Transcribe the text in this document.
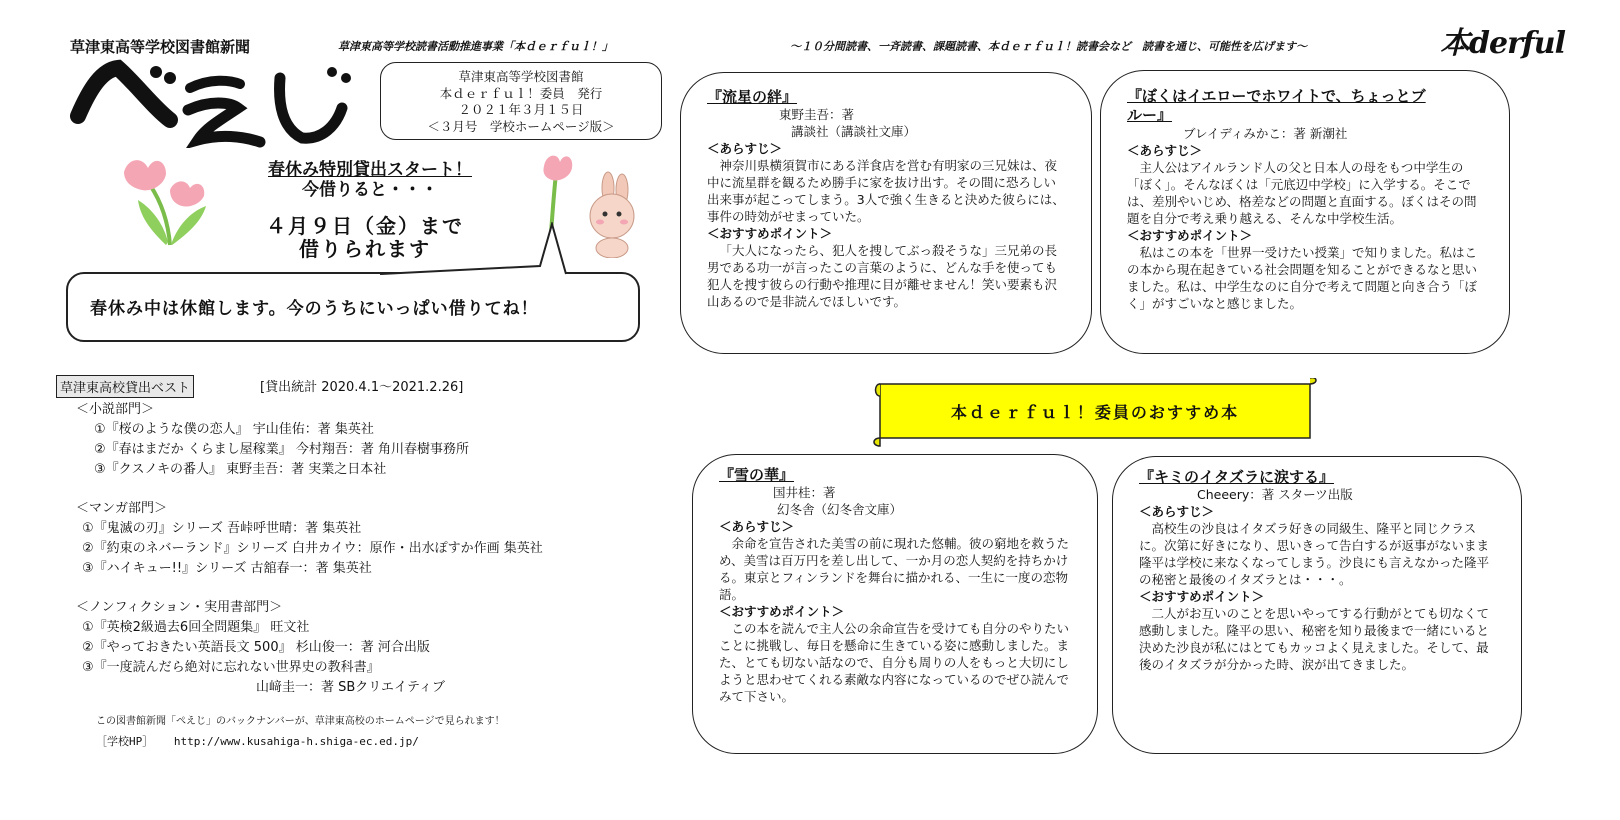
草津東高等学校図書館新聞	草津東高等学校読書活動推進事業「本ｄｅｒｆｕｌ！」	～１０分間読書、一斉読書、課題読書、本ｄｅｒｆｕｌ！読書会など　読書を通じ、可能性を広げます～	本derful
草津東高等学校図書館
本ｄｅｒｆｕｌ！委員　発行
２０２１年３月１５日
＜３月号　学校ホームページ版＞
春休み特別貸出スタート！
今借りると・・・
４月９日（金）まで
借りられます
春休み中は休館します。今のうちにいっぱい借りてね！
草津東高校貸出ベスト	[貸出統計 2020.4.1～2021.2.26]
＜小説部門＞
①『桜のような僕の恋人』 宇山佳佑：著 集英社
②『春はまだか くらまし屋稼業』 今村翔吾：著 角川春樹事務所
③『クスノキの番人』 東野圭吾：著 実業之日本社
＜マンガ部門＞
①『鬼滅の刃』シリーズ 吾峠呼世晴：著 集英社
②『約束のネバーランド』シリーズ 白井カイウ：原作・出水ぽすか作画 集英社
③『ハイキュー!!』シリーズ 古舘春一：著 集英社
＜ノンフィクション・実用書部門＞
①『英検2級過去6回全問題集』 旺文社
②『やっておきたい英語長文 500』 杉山俊一：著 河合出版
③『一度読んだら絶対に忘れない世界史の教科書』
山﨑圭一：著 SBクリエイティブ
この図書館新聞「ぺえじ」のバックナンバーが、草津東高校のホームページで見られます！
［学校HP］ http://www.kusahiga-h.shiga-ec.ed.jp/
『流星の絆』
東野圭吾：著
講談社（講談社文庫）
＜あらすじ＞

神奈川県横須賀市にある洋食店を営む有明家の三兄妹は、夜中に流星群を観るため勝手に家を抜け出す。その間に恐ろしい出来事が起こってしまう。3人で強く生きると決めた彼らには、事件の時効がせまっていた。

＜おすすめポイント＞

「大人になったら、犯人を捜してぶっ殺そうな」三兄弟の長男である功一が言ったこの言葉のように、どんな手を使っても犯人を捜す彼らの行動や推理に目が離せません！笑い要素も沢山あるので是非読んでほしいです。

『ぼくはイエローでホワイトで、ちょっとブルー』
ブレイディみかこ：著 新潮社
＜あらすじ＞

主人公はアイルランド人の父と日本人の母をもつ中学生の「ぼく」。そんなぼくは「元底辺中学校」に入学する。そこでは、差別やいじめ、格差などの問題と直面する。ぼくはその問題を自分で考え乗り越える、そんな中学校生活。

＜おすすめポイント＞

私はこの本を「世界一受けたい授業」で知りました。私はこの本から現在起きている社会問題を知ることができるなと思いました。私は、中学生なのに自分で考えて問題と向き合う「ぼく」がすごいなと感じました。

本ｄｅｒｆｕｌ！委員のおすすめ本
『雪の華』
国井桂：著
幻冬舎（幻冬舎文庫）
＜あらすじ＞

余命を宣告された美雪の前に現れた悠輔。彼の窮地を救うため、美雪は百万円を差し出して、一か月の恋人契約を持ちかける。東京とフィンランドを舞台に描かれる、一生に一度の恋物語。

＜おすすめポイント＞

この本を読んで主人公の余命宣告を受けても自分のやりたいことに挑戦し、毎日を懸命に生きている姿に感動しました。また、とても切ない話なので、自分も周りの人をもっと大切にしようと思わせてくれる素敵な内容になっているのでぜひ読んでみて下さい。

『キミのイタズラに涙する』
Cheeery：著 スターツ出版
＜あらすじ＞

高校生の沙良はイタズラ好きの同級生、隆平と同じクラスに。次第に好きになり、思いきって告白するが返事がないまま隆平は学校に来なくなってしまう。沙良にも言えなかった隆平の秘密と最後のイタズラとは・・・。

＜おすすめポイント＞

二人がお互いのことを思いやってする行動がとても切なくて感動しました。隆平の思い、秘密を知り最後まで一緒にいると決めた沙良が私にはとてもカッコよく見えました。そして、最後のイタズラが分かった時、涙が出てきました。
